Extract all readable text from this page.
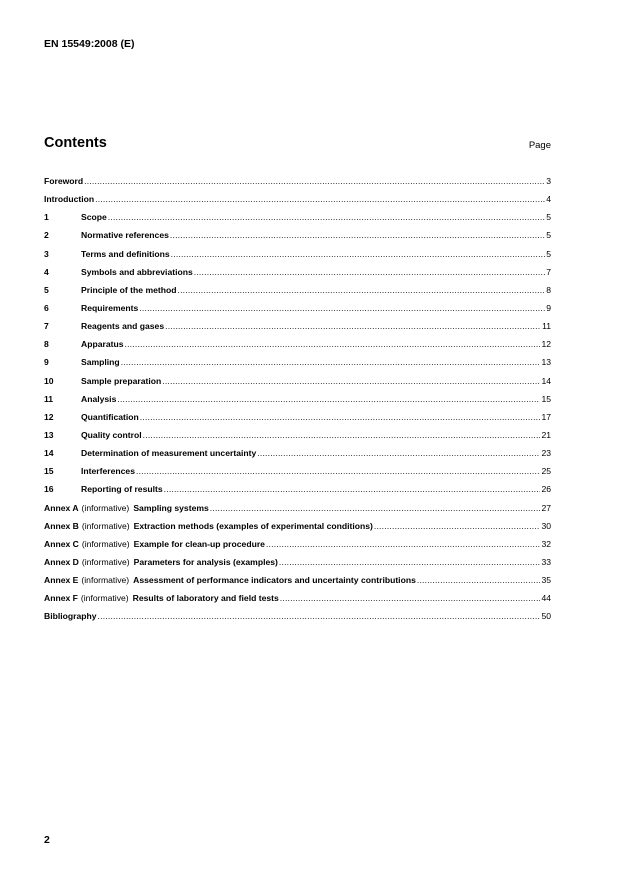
EN 15549:2008 (E)
Contents	Page
Foreword .....	3
Introduction .....	4
1	Scope .....	5
2	Normative references .....	5
3	Terms and definitions .....	5
4	Symbols and abbreviations .....	7
5	Principle of the method .....	8
6	Requirements .....	9
7	Reagents and gases .....	11
8	Apparatus .....	12
9	Sampling .....	13
10	Sample preparation .....	14
11	Analysis .....	15
12	Quantification .....	17
13	Quality control .....	21
14	Determination of measurement uncertainty .....	23
15	Interferences .....	25
16	Reporting of results .....	26
Annex A (informative) Sampling systems .....	27
Annex B (informative) Extraction methods (examples of experimental conditions) .....	30
Annex C (informative) Example for clean-up procedure .....	32
Annex D (informative) Parameters for analysis (examples) .....	33
Annex E (informative) Assessment of performance indicators and uncertainty contributions .....	35
Annex F (informative) Results of laboratory and field tests .....	44
Bibliography .....	50
2
